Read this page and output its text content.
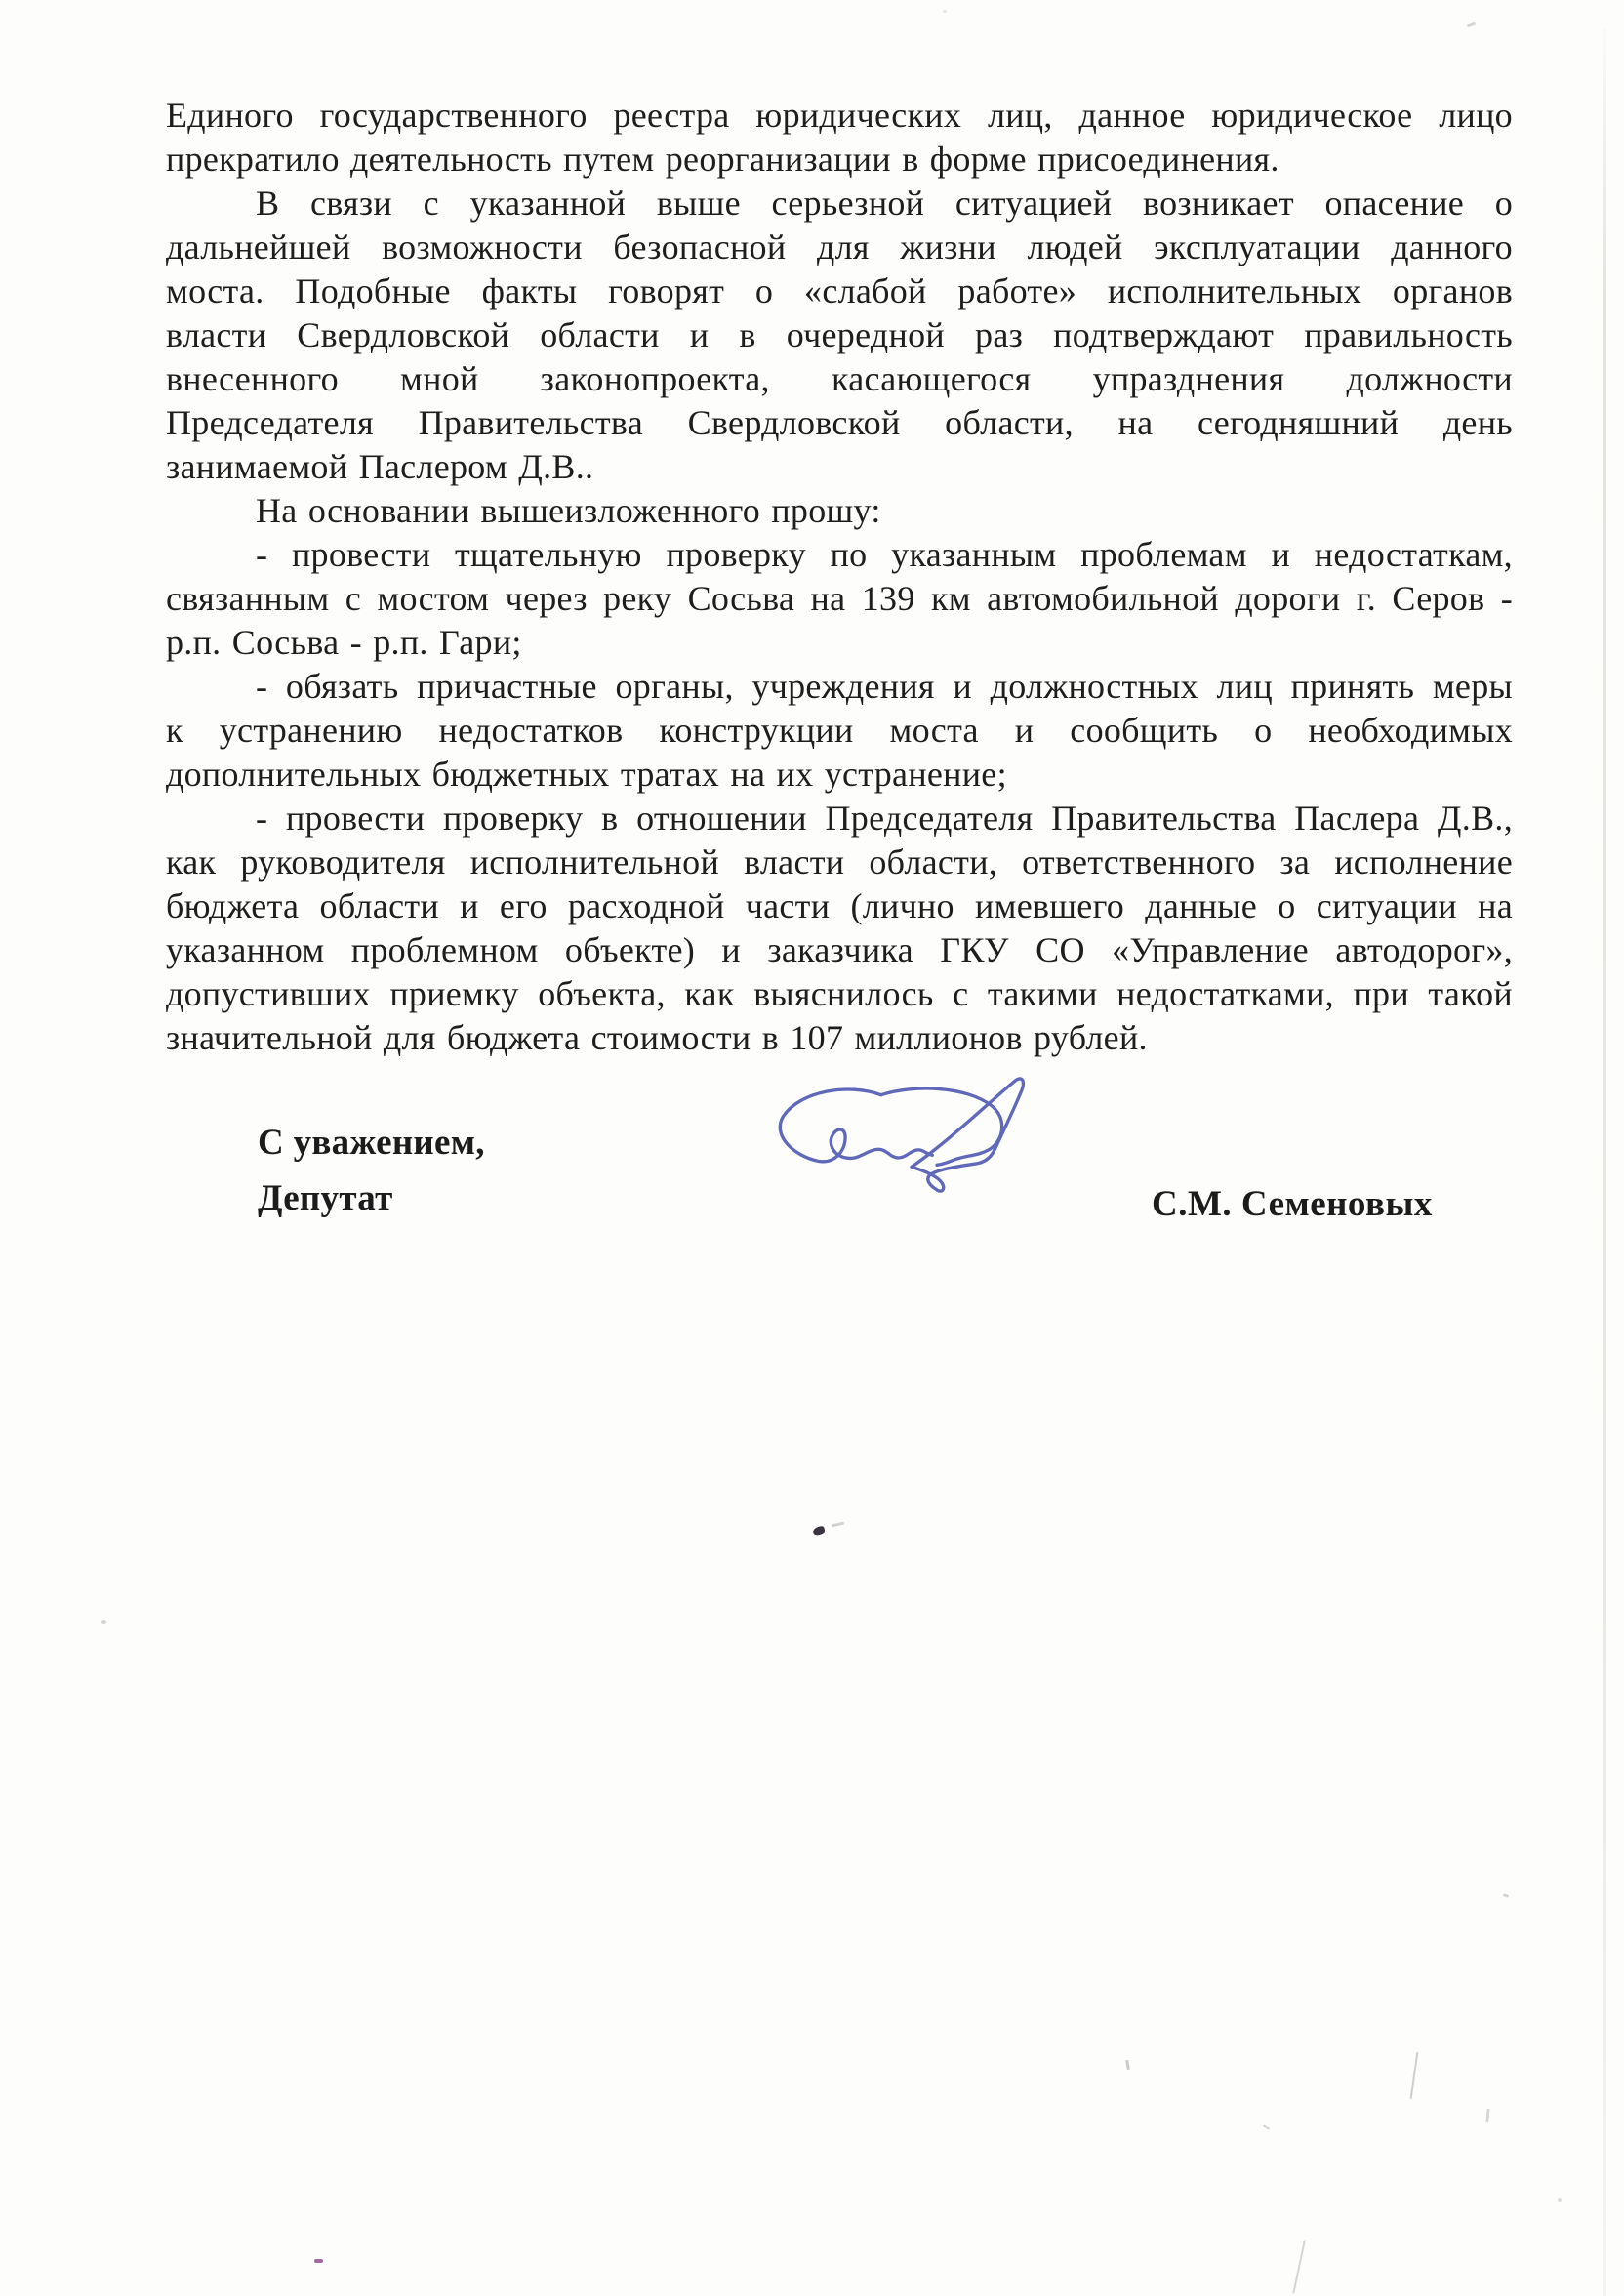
Единого государственного реестра юридических лиц, данное юридическое лицо
прекратило деятельность путем реорганизации в форме присоединения.
В связи с указанной выше серьезной ситуацией возникает опасение о
дальнейшей возможности безопасной для жизни людей эксплуатации данного
моста. Подобные факты говорят о «слабой работе» исполнительных органов
власти Свердловской области и в очередной раз подтверждают правильность
внесенного мной законопроекта, касающегося упразднения должности
Председателя Правительства Свердловской области, на сегодняшний день
занимаемой Паслером Д.В..
На основании вышеизложенного прошу:
- провести тщательную проверку по указанным проблемам и недостаткам,
связанным с мостом через реку Сосьва на 139 км автомобильной дороги г. Серов -
р.п. Сосьва - р.п. Гари;
- обязать причастные органы, учреждения и должностных лиц принять меры
к устранению недостатков конструкции моста и сообщить о необходимых
дополнительных бюджетных тратах на их устранение;
- провести проверку в отношении Председателя Правительства Паслера Д.В.,
как руководителя исполнительной власти области, ответственного за исполнение
бюджета области и его расходной части (лично имевшего данные о ситуации на
указанном проблемном объекте) и заказчика ГКУ СО «Управление автодорог»,
допустивших приемку объекта, как выяснилось с такими недостатками, при такой
значительной для бюджета стоимости в 107 миллионов рублей.
С уважением,
Депутат	С.М. Семеновых
